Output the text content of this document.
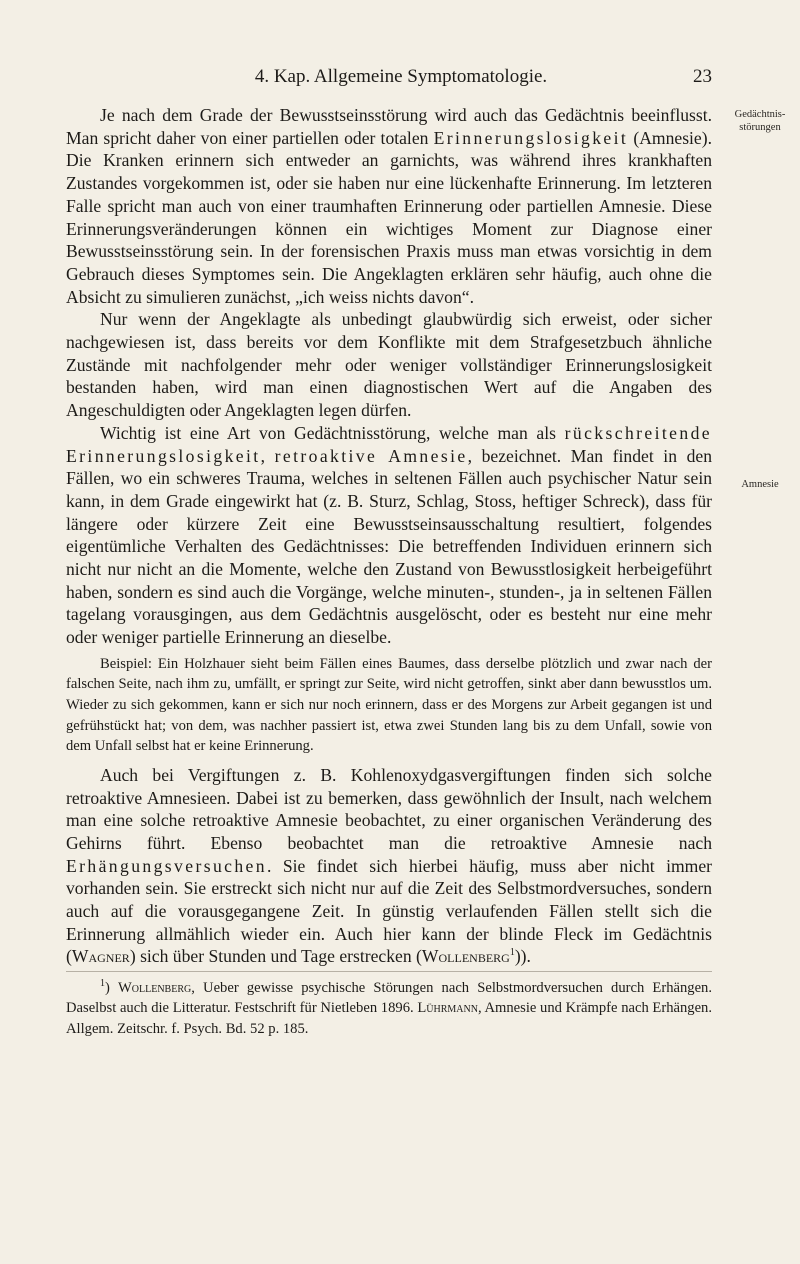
4. Kap. Allgemeine Symptomatologie.	23
Gedächtnis-
störungen
Amnesie

Je nach dem Grade der Bewusstseinsstörung wird auch das Gedächtnis beeinflusst. Man spricht daher von einer partiellen oder totalen Erinnerungslosigkeit (Amnesie). Die Kranken erinnern sich entweder an garnichts, was während ihres krankhaften Zustandes vorgekommen ist, oder sie haben nur eine lückenhafte Erinnerung. Im letzteren Falle spricht man auch von einer traumhaften Erinnerung oder partiellen Amnesie. Diese Erinnerungsveränderungen können ein wichtiges Moment zur Diagnose einer Bewusstseinsstörung sein. In der forensischen Praxis muss man etwas vorsichtig in dem Gebrauch dieses Symptomes sein. Die Angeklagten erklären sehr häufig, auch ohne die Absicht zu simulieren zunächst, „ich weiss nichts davon“.

Nur wenn der Angeklagte als unbedingt glaubwürdig sich erweist, oder sicher nachgewiesen ist, dass bereits vor dem Konflikte mit dem Strafgesetzbuch ähnliche Zustände mit nachfolgender mehr oder weniger vollständiger Erinnerungslosigkeit bestanden haben, wird man einen diagnostischen Wert auf die Angaben des Angeschuldigten oder Angeklagten legen dürfen.

Wichtig ist eine Art von Gedächtnisstörung, welche man als rückschreitende Erinnerungslosigkeit, retroaktive Amnesie, bezeichnet. Man findet in den Fällen, wo ein schweres Trauma, welches in seltenen Fällen auch psychischer Natur sein kann, in dem Grade eingewirkt hat (z. B. Sturz, Schlag, Stoss, heftiger Schreck), dass für längere oder kürzere Zeit eine Bewusstseinsausschaltung resultiert, folgendes eigentümliche Verhalten des Gedächtnisses: Die betreffenden Individuen erinnern sich nicht nur nicht an die Momente, welche den Zustand von Bewusstlosigkeit herbeigeführt haben, sondern es sind auch die Vorgänge, welche minuten-, stunden-, ja in seltenen Fällen tagelang vorausgingen, aus dem Gedächtnis ausgelöscht, oder es besteht nur eine mehr oder weniger partielle Erinnerung an dieselbe.

Beispiel: Ein Holzhauer sieht beim Fällen eines Baumes, dass derselbe plötzlich und zwar nach der falschen Seite, nach ihm zu, umfällt, er springt zur Seite, wird nicht getroffen, sinkt aber dann bewusstlos um. Wieder zu sich gekommen, kann er sich nur noch erinnern, dass er des Morgens zur Arbeit gegangen ist und gefrühstückt hat; von dem, was nachher passiert ist, etwa zwei Stunden lang bis zu dem Unfall, sowie von dem Unfall selbst hat er keine Erinnerung.

Auch bei Vergiftungen z. B. Kohlenoxydgasvergiftungen finden sich solche retroaktive Amnesieen. Dabei ist zu bemerken, dass gewöhnlich der Insult, nach welchem man eine solche retroaktive Amnesie beobachtet, zu einer organischen Veränderung des Gehirns führt. Ebenso beobachtet man die retroaktive Amnesie nach Erhängungsversuchen. Sie findet sich hierbei häufig, muss aber nicht immer vorhanden sein. Sie erstreckt sich nicht nur auf die Zeit des Selbstmordversuches, sondern auch auf die vorausgegangene Zeit. In günstig verlaufenden Fällen stellt sich die Erinnerung allmählich wieder ein. Auch hier kann der blinde Fleck im Gedächtnis (Wagner) sich über Stunden und Tage erstrecken (Wollenberg$^1$)).

$^1$) Wollenberg, Ueber gewisse psychische Störungen nach Selbstmordversuchen durch Erhängen. Daselbst auch die Litteratur. Festschrift für Nietleben 1896. Lührmann, Amnesie und Krämpfe nach Erhängen. Allgem. Zeitschr. f. Psych. Bd. 52 p. 185.
